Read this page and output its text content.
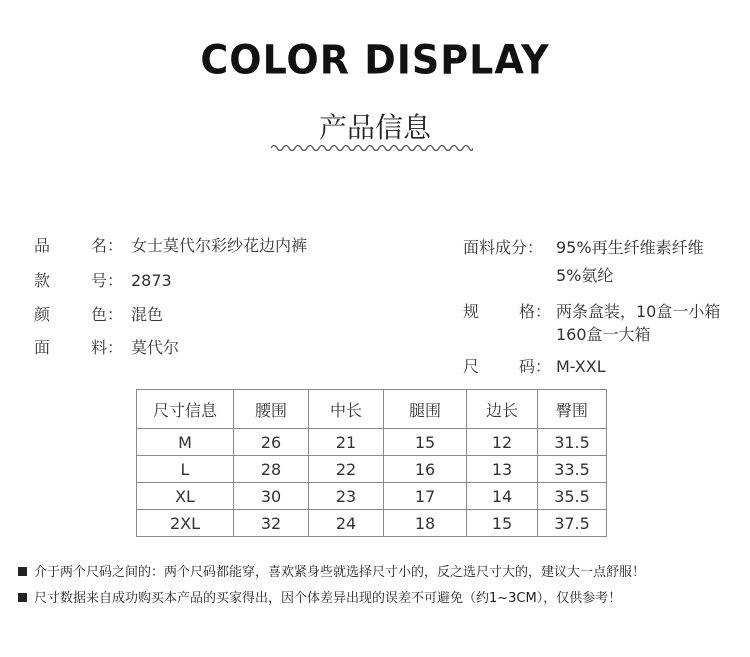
COLOR DISPLAY
产品信息
品	名： 女士莫代尔彩纱花边内裤
款	号： 2873
颜	色： 混色
面	料： 莫代尔
面料成分： 95%再生纤维素纤维
5%氨纶
规 格： 两条盒装，10盒一小箱
160盒一大箱
尺 码： M-XXL
尺寸信息	腰围	中长	腿围	边长	臀围
M	26	21	15	12	31.5
L	28	22	16	13	33.5
XL	30	23	17	14	35.5
2XL	32	24	18	15	37.5
介于两个尺码之间的：两个尺码都能穿，喜欢紧身些就选择尺寸小的，反之选尺寸大的，建议大一点舒服！
尺寸数据来自成功购买本产品的买家得出，因个体差异出现的误差不可避免（约1~3CM），仅供参考！
